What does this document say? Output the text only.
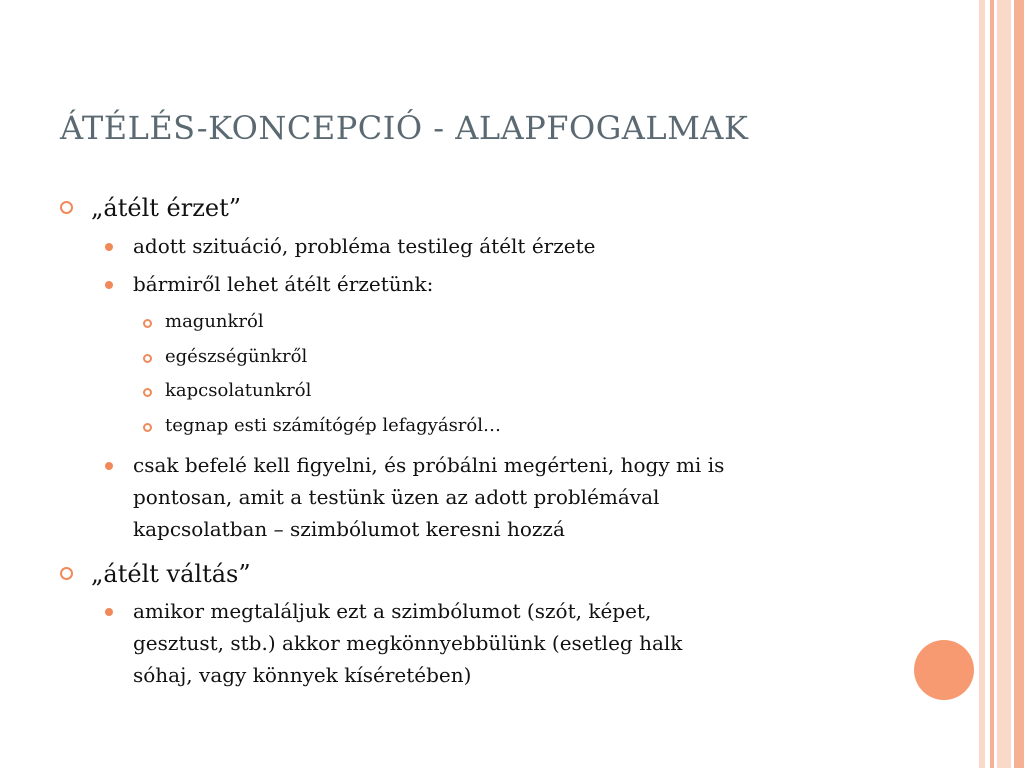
ÁTÉLÉS-KONCEPCIÓ - ALAPFOGALMAK
„átélt érzet”
adott szituáció, probléma testileg átélt érzete
bármiről lehet átélt érzetünk:
magunkról
egészségünkről
kapcsolatunkról
tegnap esti számítógép lefagyásról…
csak befelé kell figyelni, és próbálni megérteni, hogy mi is
pontosan, amit a testünk üzen az adott problémával
kapcsolatban – szimbólumot keresni hozzá
„átélt váltás”
amikor megtaláljuk ezt a szimbólumot (szót, képet,
gesztust, stb.) akkor megkönnyebbülünk (esetleg halk
sóhaj, vagy könnyek kíséretében)
